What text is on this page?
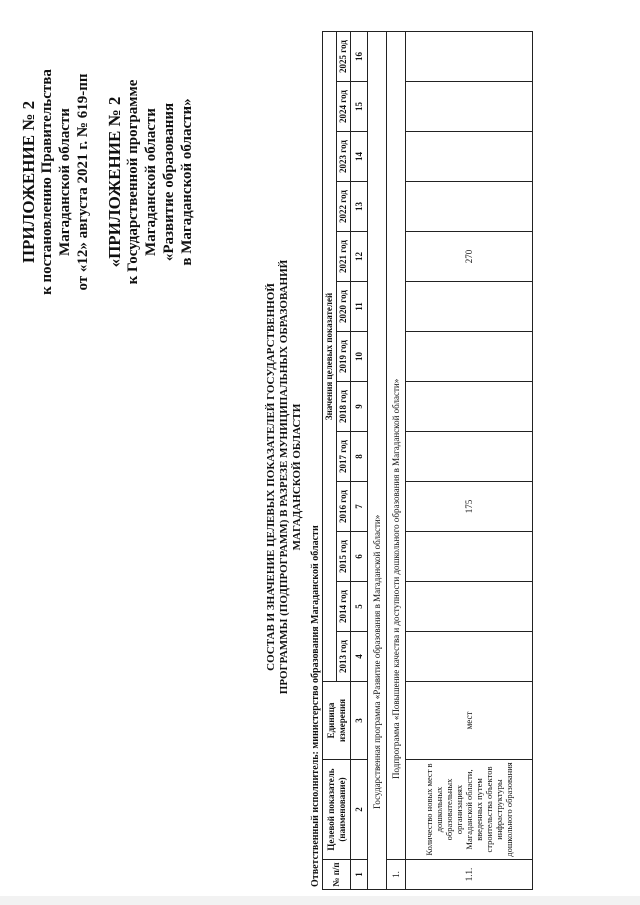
ПРИЛОЖЕНИЕ № 2 к постановлению Правительства Магаданской области от «12» августа 2021 г. № 619-пп «ПРИЛОЖЕНИЕ № 2 к Государственной программе Магаданской области «Развитие образования в Магаданской области»
СОСТАВ И ЗНАЧЕНИЕ ЦЕЛЕВЫХ ПОКАЗАТЕЛЕЙ ГОСУДАРСТВЕННОЙ ПРОГРАММЫ (ПОДПРОГРАММ) В РАЗРЕЗЕ МУНИЦИПАЛЬНЫХ ОБРАЗОВАНИЙ МАГАДАНСКОЙ ОБЛАСТИ
Ответственный исполнитель: министерство образования Магаданской области № п/п	Целевой показатель (наименование)	Единица измерения	Значения целевых показателей												
			2013 год	2014 год	2015 год	2016 год	2017 год	2018 год	2019 год	2020 год	2021 год	2022 год	2023 год	2024 год	2025 год
1	2	3	4	5	6	7	8	9	10	11	12	13	14	15	16
Государственная программа «Развитие образования в Магаданской области»															
1.	Подпрограмма «Повышение качества и доступности дошкольного образования в Магаданской области»														
1.1.	Количество новых мест в дошкольных образовательных организациях Магаданской области, введенных путем строительства объектов инфраструктуры дошкольного образования	мест				175					270				
